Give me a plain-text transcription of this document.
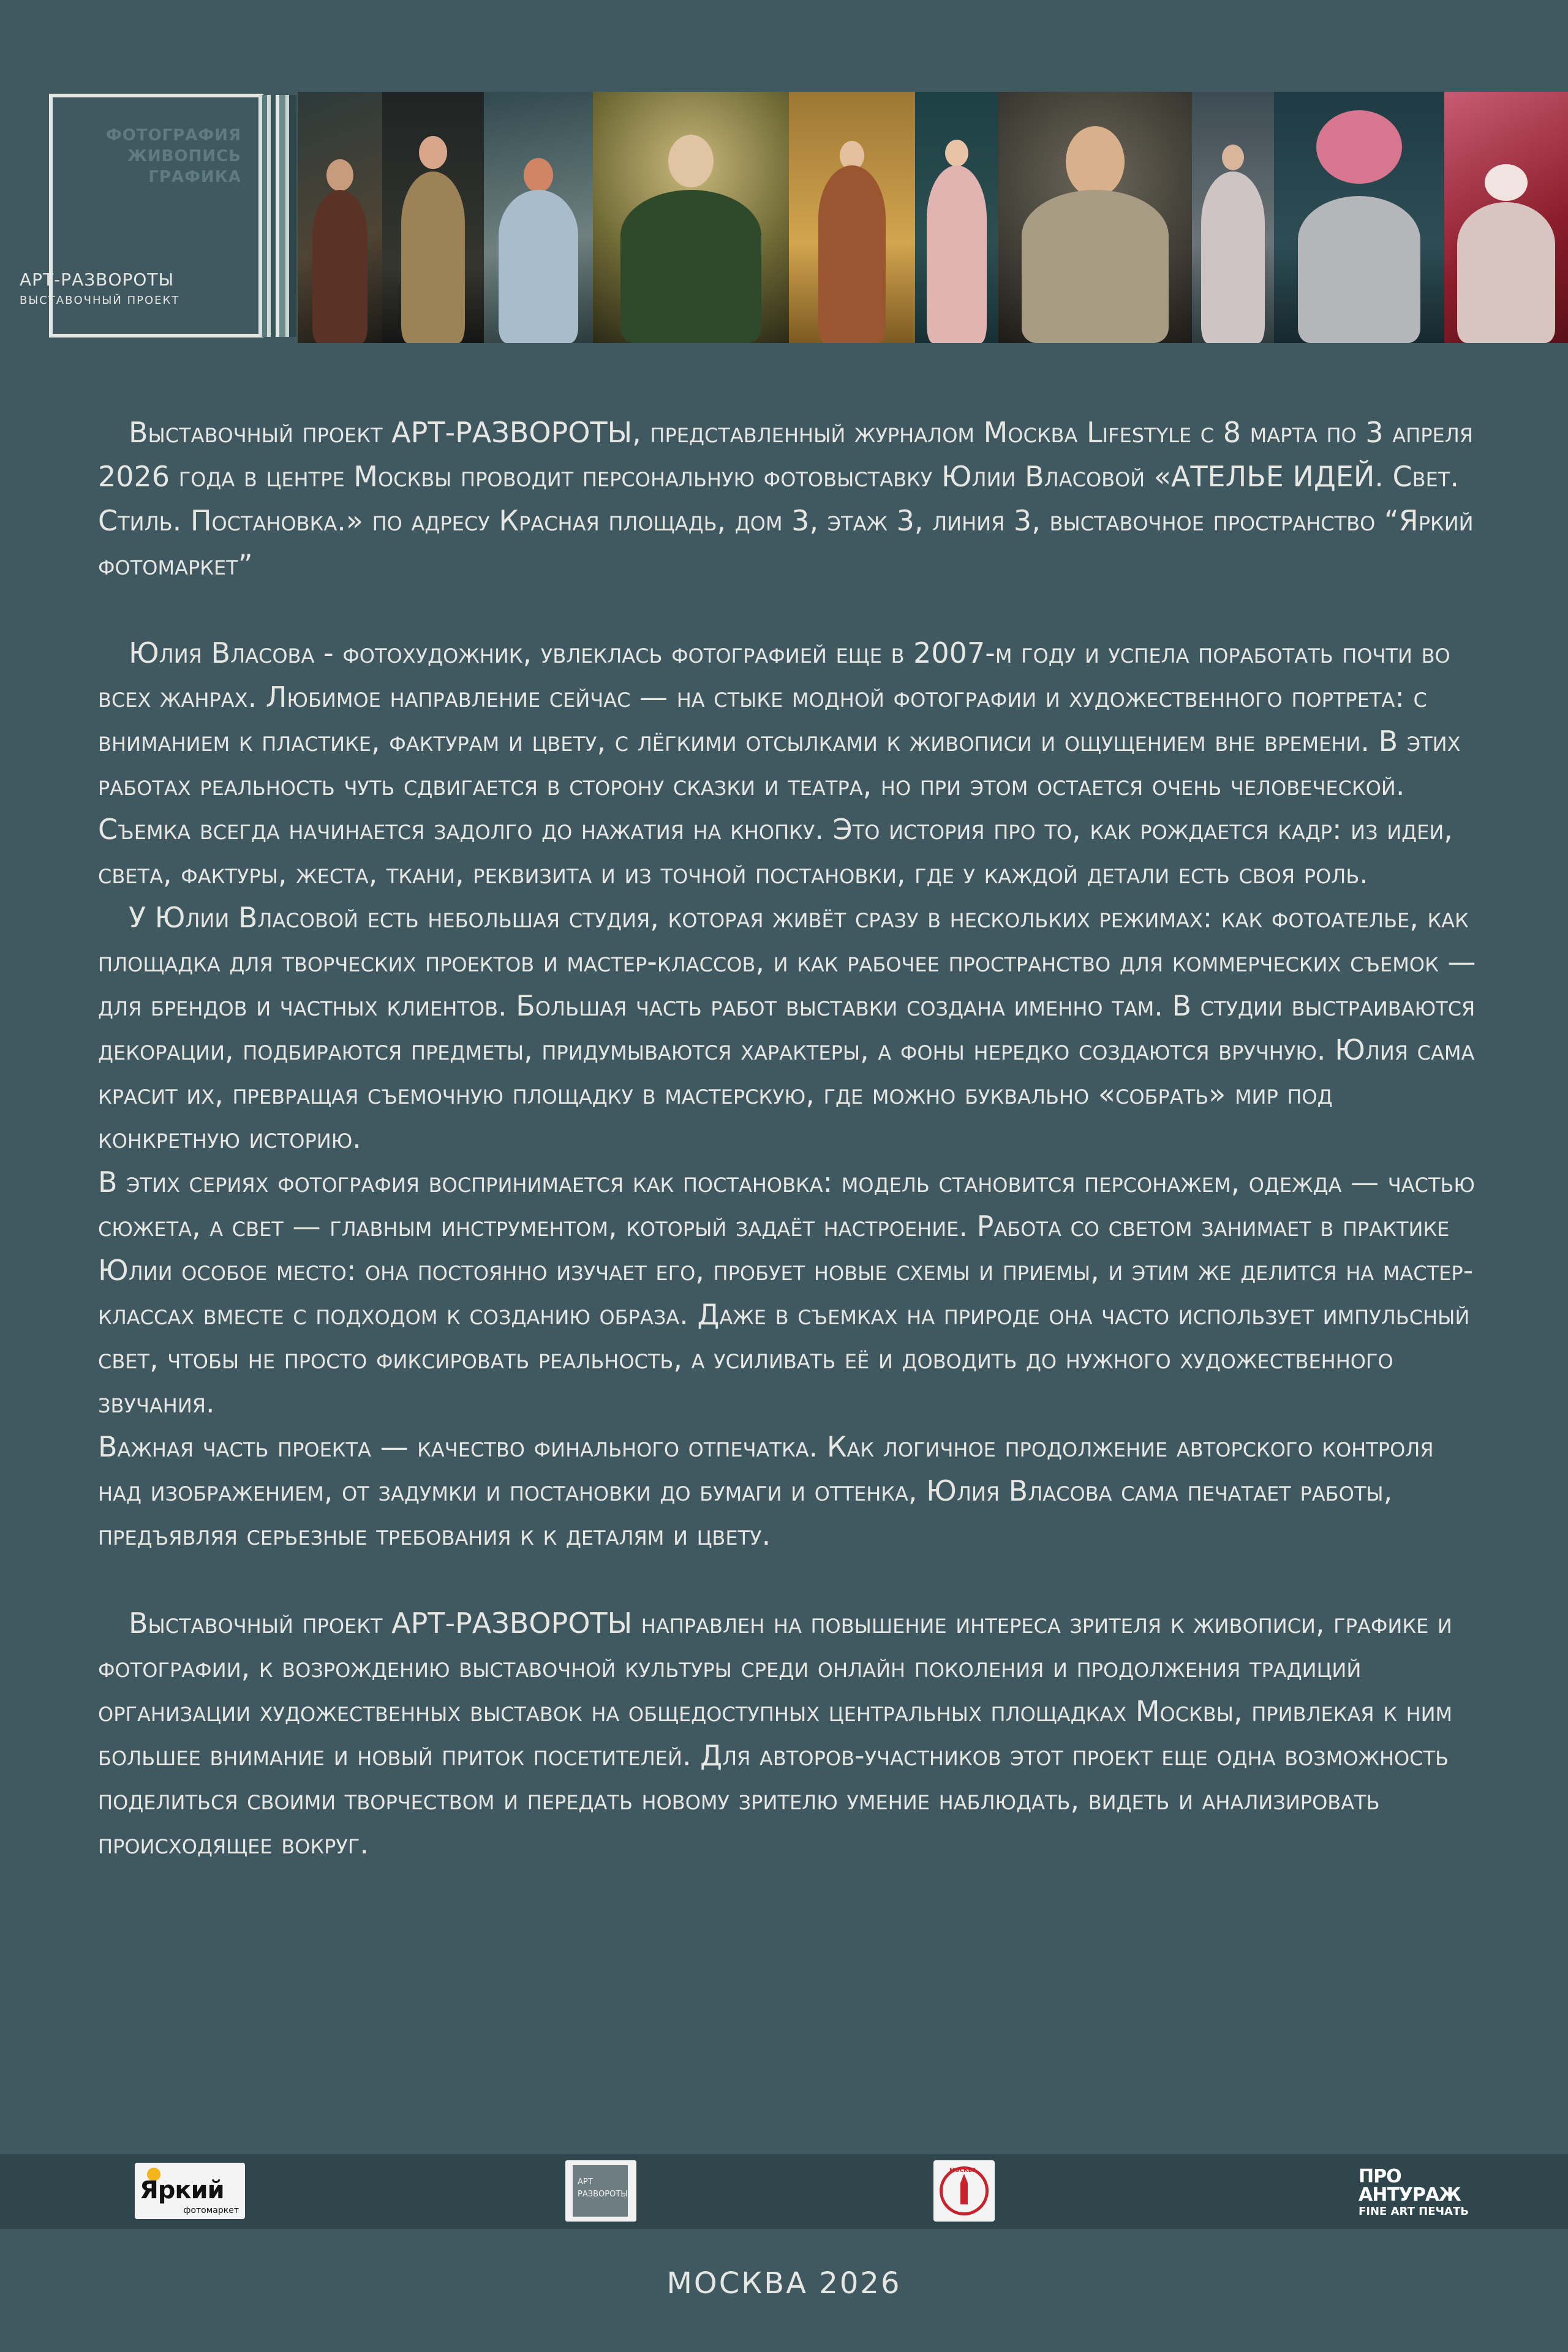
ФОТОГРАФИЯ
ЖИВОПИСЬ
ГРАФИКА
АРТ-РАЗВОРОТЫ
ВЫСТАВОЧНЫЙ ПРОЕКТ

Выставочный проект АРТ-РАЗВОРОТЫ, представленный журналом Москва Lifestyle с 8 марта по 3 апреля 2026 года в центре Москвы проводит персональную фотовыставку Юлии Власовой «АТЕЛЬЕ ИДЕЙ. Свет. Стиль. Постановка.» по адресу Красная площадь, дом 3, этаж 3, линия 3, выставочное пространство “Яркий фотомаркет”

Юлия Власова - фотохудожник, увлеклась фотографией еще в 2007-м году и успела поработать почти во всех жанрах. Любимое направление сейчас — на стыке модной фотографии и художественного портрета: с вниманием к пластике, фактурам и цвету, с лёгкими отсылками к живописи и ощущением вне времени. В этих работах реальность чуть сдвигается в сторону сказки и театра, но при этом остается очень человеческой. Съемка всегда начинается задолго до нажатия на кнопку. Это история про то, как рождается кадр: из идеи, света, фактуры, жеста, ткани, реквизита и из точной постановки, где у каждой детали есть своя роль.

У Юлии Власовой есть небольшая студия, которая живёт сразу в нескольких режимах: как фотоателье, как площадка для творческих проектов и мастер-классов, и как рабочее пространство для коммерческих съемок — для брендов и частных клиентов. Большая часть работ выставки создана именно там. В студии выстраиваются декорации, подбираются предметы, придумываются характеры, а фоны нередко создаются вручную. Юлия сама красит их, превращая съемочную площадку в мастерскую, где можно буквально «собрать» мир под конкретную историю.

В этих сериях фотография воспринимается как постановка: модель становится персонажем, одежда — частью сюжета, а свет — главным инструментом, который задаёт настроение. Работа со светом занимает в практике Юлии особое место: она постоянно изучает его, пробует новые схемы и приемы, и этим же делится на мастер-классах вместе с подходом к созданию образа. Даже в съемках на природе она часто использует импульсный свет, чтобы не просто фиксировать реальность, а усиливать её и доводить до нужного художественного звучания.

Важная часть проекта — качество финального отпечатка. Как логичное продолжение авторского контроля над изображением, от задумки и постановки до бумаги и оттенка, Юлия Власова сама печатает работы, предъявляя серьезные требования к к деталям и цвету.

Выставочный проект АРТ-РАЗВОРОТЫ направлен на повышение интереса зрителя к живописи, графике и фотографии, к возрождению выставочной культуры среди онлайн поколения и продолжения традиций организации художественных выставок на общедоступных центральных площадках Москвы, привлекая к ним большее внимание и новый приток посетителей. Для авторов-участников этот проект еще одна возможность поделиться своими творчеством и передать новому зрителю умение наблюдать, видеть и анализировать происходящее вокруг.

Яркий
фотомаркет
АРТ
РАЗВОРОТЫ
МОСКВА	ПРО
АНТУРАЖ
FINE ART ПЕЧАТЬ
МОСКВА 2026
